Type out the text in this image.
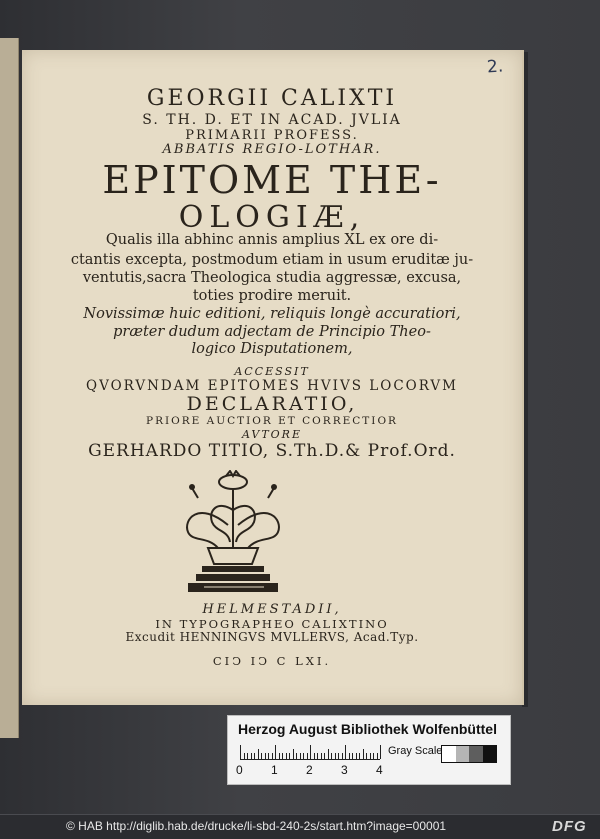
2.
GEORGII CALIXTI
S. TH. D. ET IN ACAD. JVLIA
PRIMARII PROFESS.
ABBATIS REGIO-LOTHAR.
EPITOME THE-
OLOGIÆ,
Qualis illa abhinc annis amplius XL ex ore di-
ctantis excepta, postmodum etiam in usum eruditæ ju-
ventutis,sacra Theologica studia aggressæ, excusa,
toties prodire meruit.
Novissimæ huic editioni, reliquis longè accuratiori,
præter dudum adjectam de Principio Theo-
logico Disputationem,
ACCESSIT
QVORVNDAM EPITOMES HVIVS LOCORVM
DECLARATIO,
PRIORE AUCTIOR ET CORRECTIOR
AVTORE
GERHARDO TITIO, S.Th.D.& Prof.Ord.
HELMESTADII,
IN TYPOGRAPHEO CALIXTINO
Excudit HENNINGVS MVLLERVS, Acad.Typ.
CIↃ IↃ C LXI.
Herzog August Bibliothek Wolfenbüttel
0 1 2 3 4
Gray Scale
© HAB http://diglib.hab.de/drucke/li-sbd-240-2s/start.htm?image=00001	DFG
